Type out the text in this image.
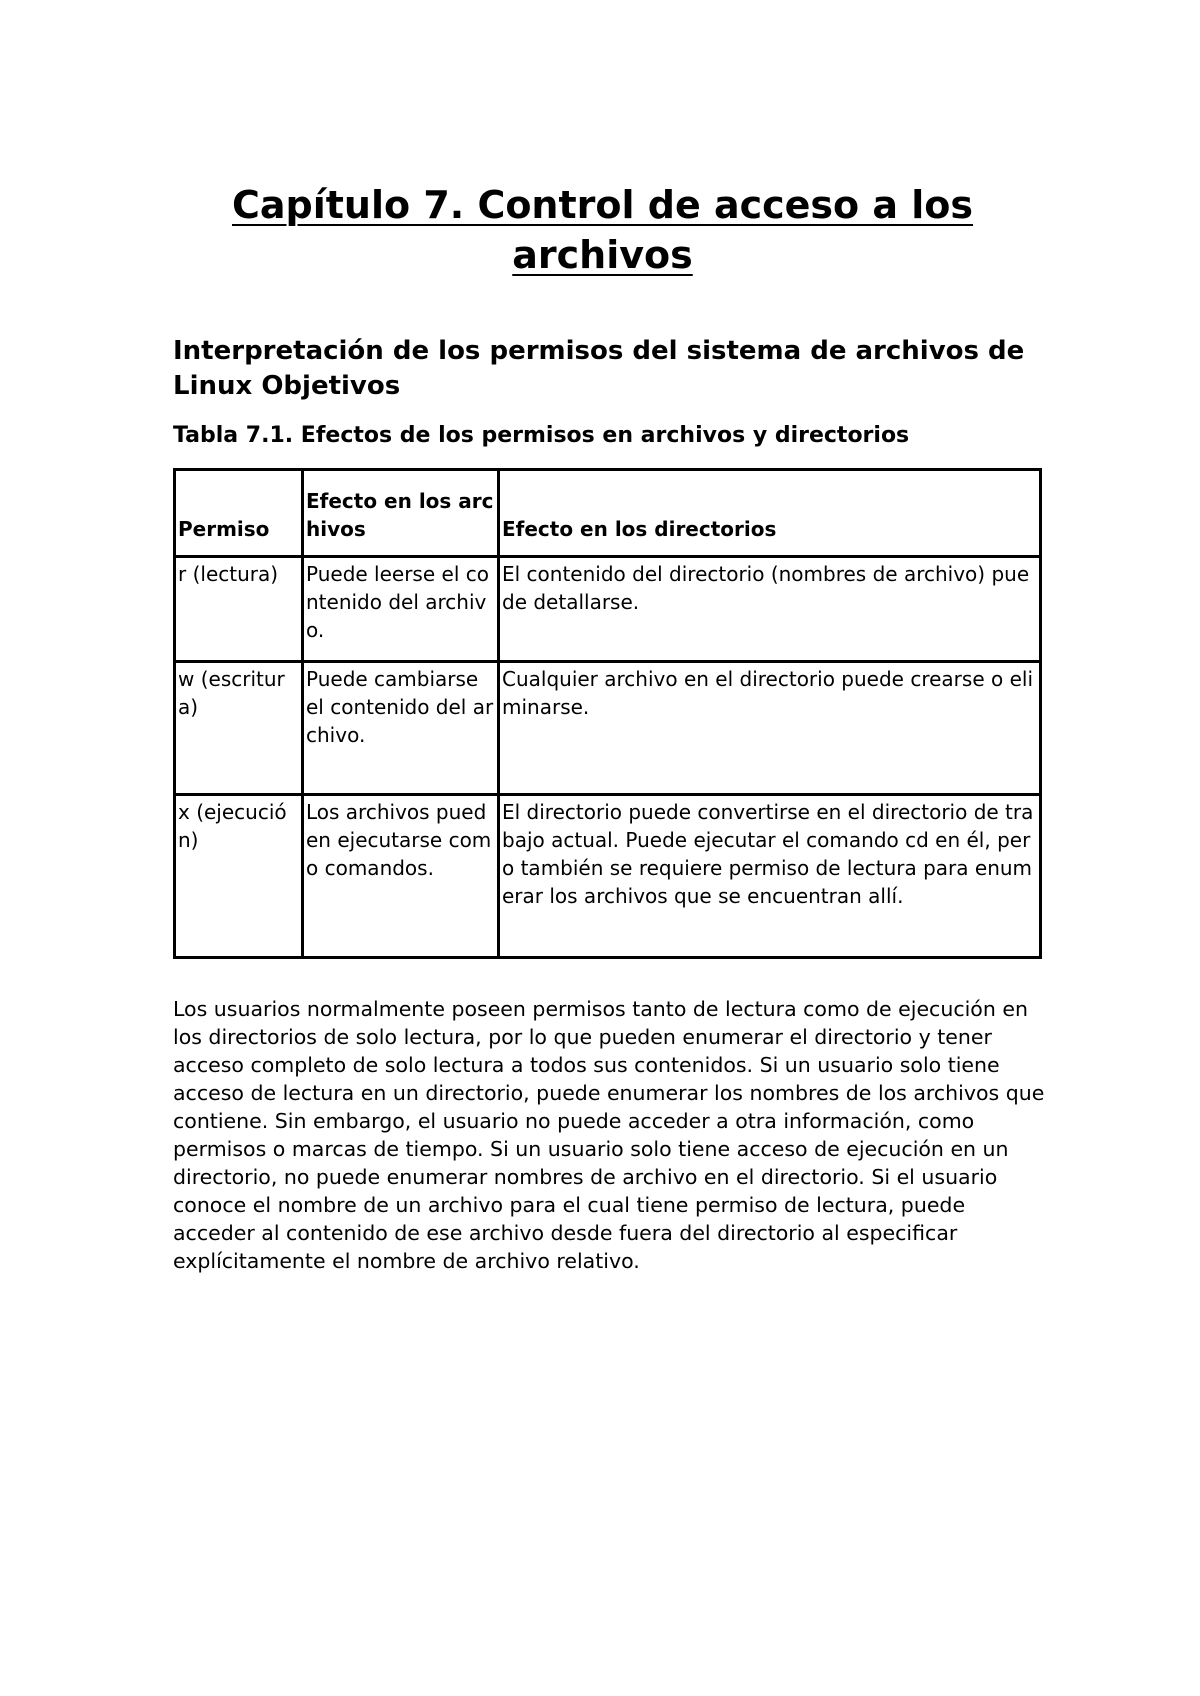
Capítulo 7. Control de acceso a los archivos
Interpretación de los permisos del sistema de archivos de Linux Objetivos
Tabla 7.1. Efectos de los permisos en archivos y directorios
Permiso	Efecto en los archivos	Efecto en los directorios
r (lectura)	Puede leerse el contenido del archivo.	El contenido del directorio (nombres de archivo) puede detallarse.
w (escritura)	Puede cambiarse el contenido del archivo.	Cualquier archivo en el directorio puede crearse o eliminarse.
x (ejecución)	Los archivos pueden ejecutarse como comandos.	El directorio puede convertirse en el directorio de trabajo actual. Puede ejecutar el comando cd en él, pero también se requiere permiso de lectura para enumerar los archivos que se encuentran allí.

Los usuarios normalmente poseen permisos tanto de lectura como de ejecución en los directorios de solo lectura, por lo que pueden enumerar el directorio y tener acceso completo de solo lectura a todos sus contenidos. Si un usuario solo tiene acceso de lectura en un directorio, puede enumerar los nombres de los archivos que contiene. Sin embargo, el usuario no puede acceder a otra información, como permisos o marcas de tiempo. Si un usuario solo tiene acceso de ejecución en un directorio, no puede enumerar nombres de archivo en el directorio. Si el usuario conoce el nombre de un archivo para el cual tiene permiso de lectura, puede acceder al contenido de ese archivo desde fuera del directorio al especificar explícitamente el nombre de archivo relativo.
